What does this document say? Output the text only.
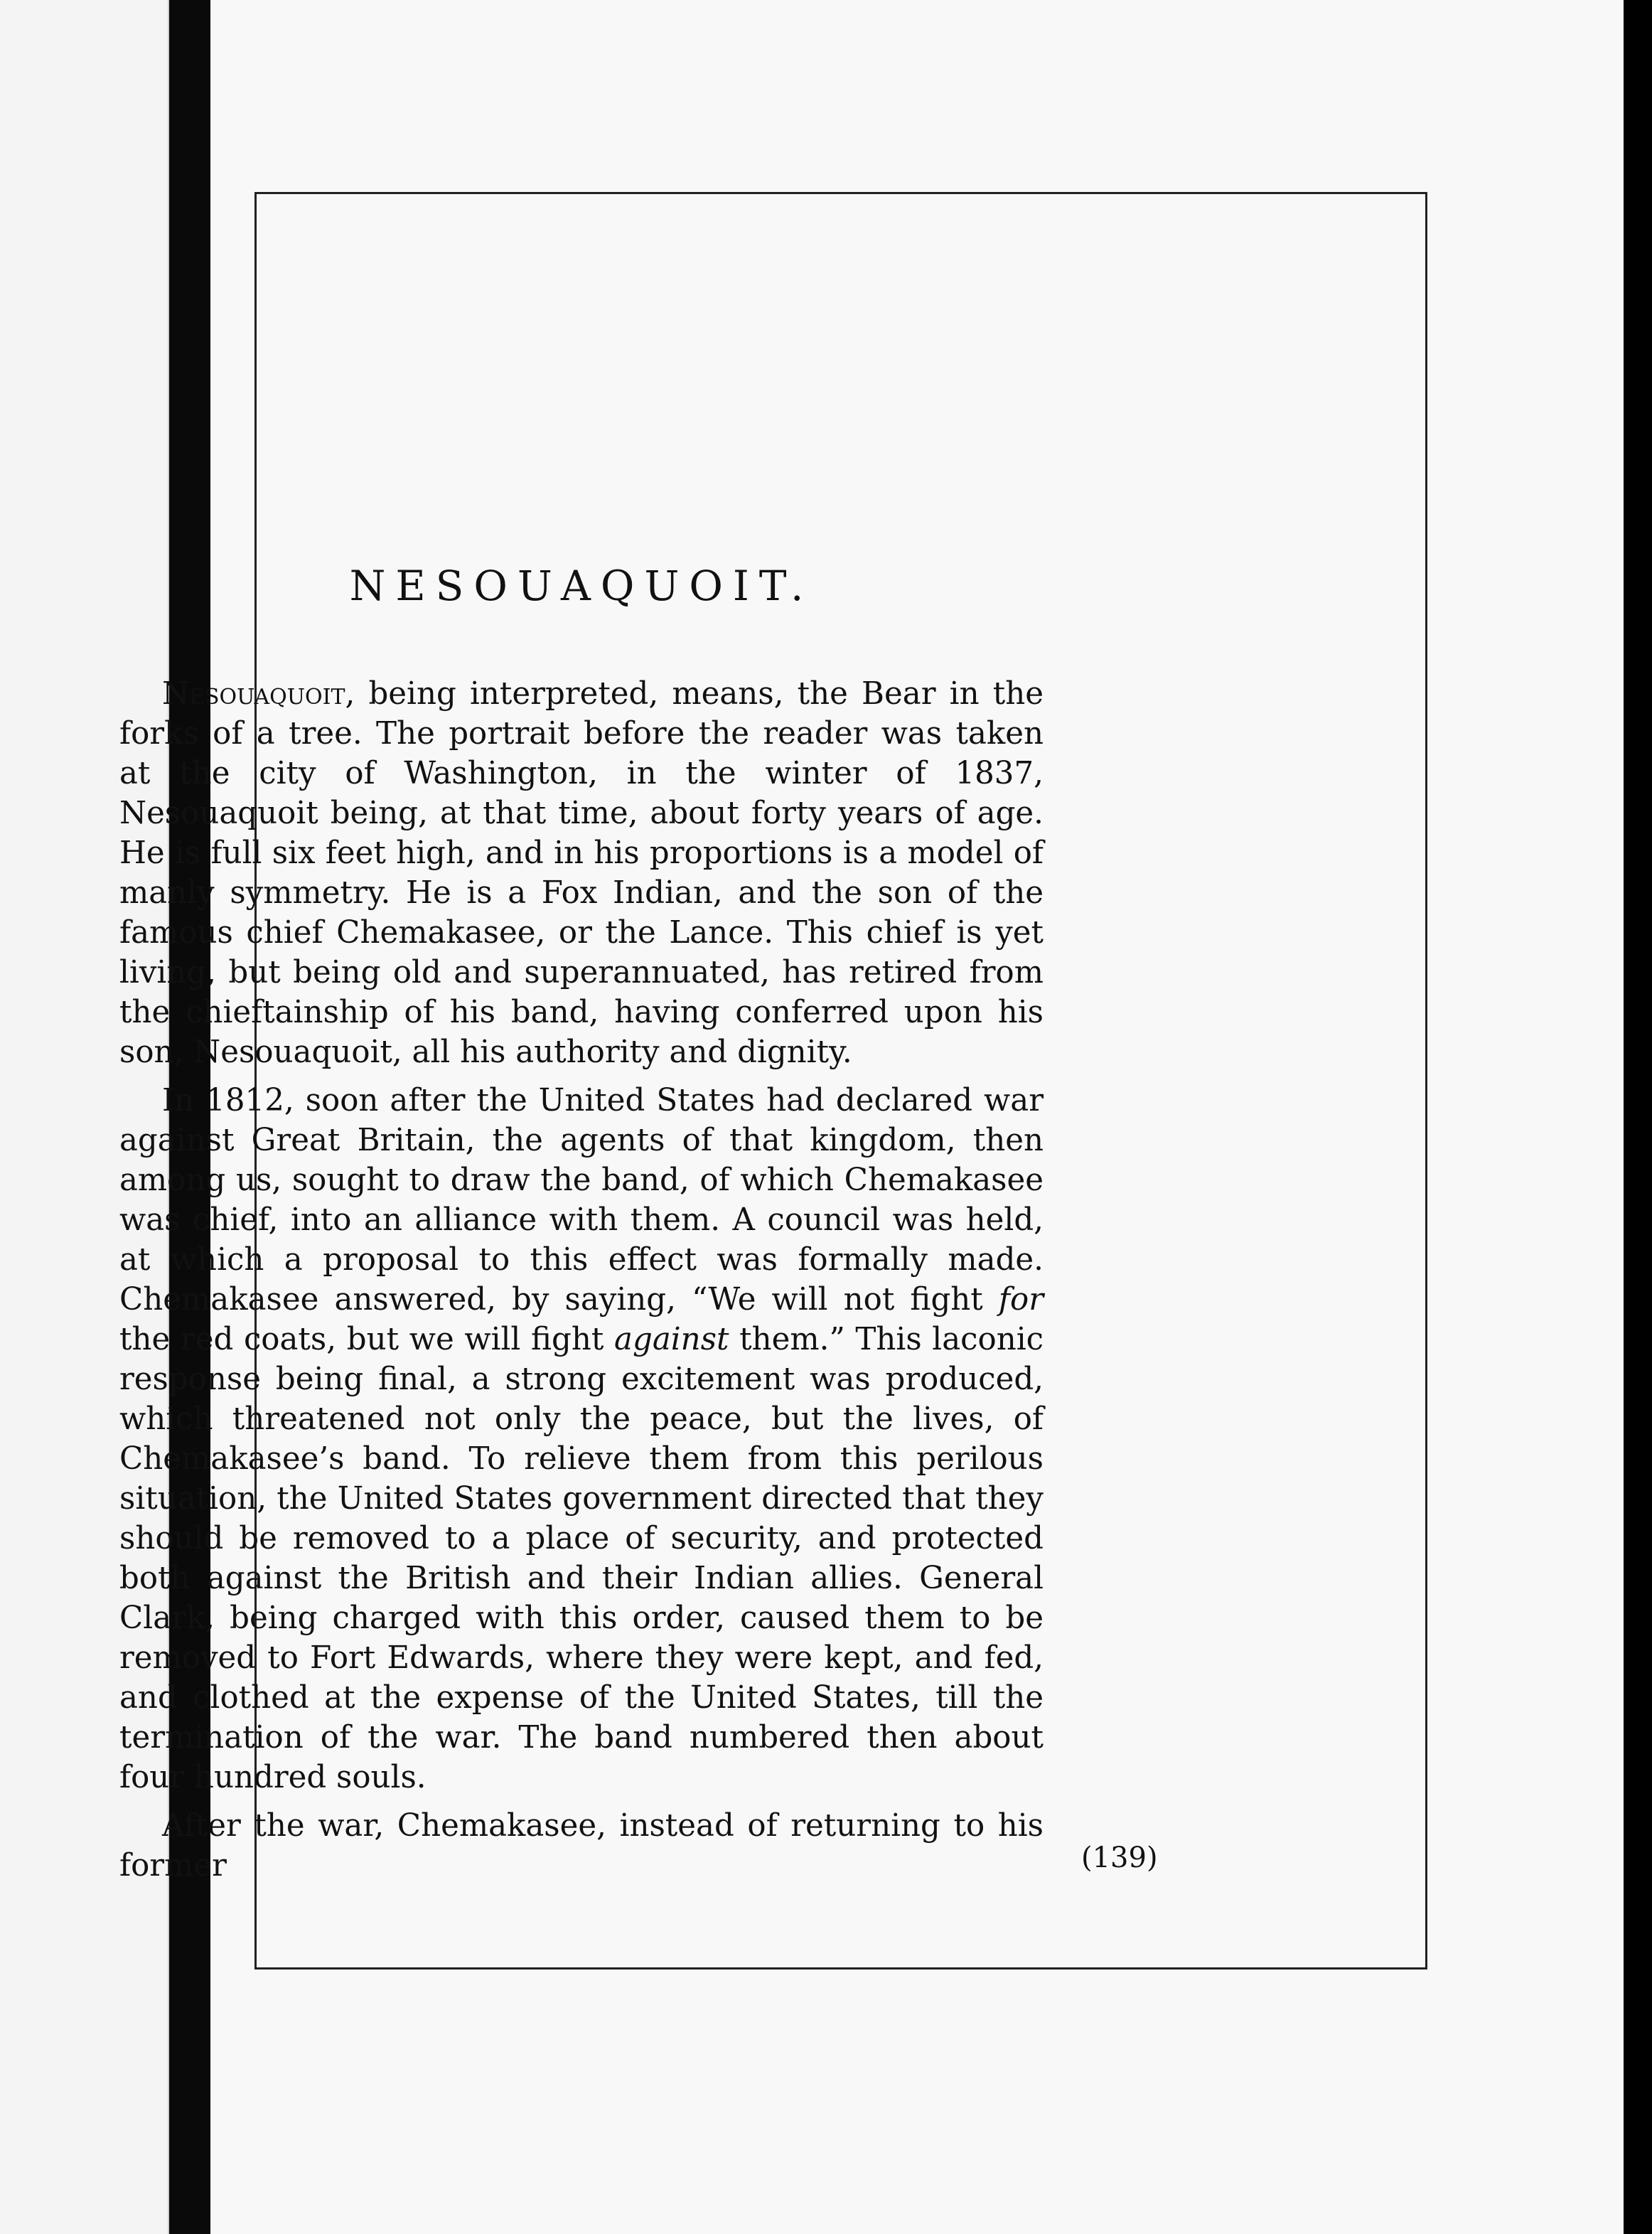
(139)
NESOUAQUOIT.

Nesouaquoit, being interpreted, means, the Bear in the forks of a tree. The portrait before the reader was taken at the city of Washington, in the winter of 1837, Nesouaquoit being, at that time, about forty years of age. He is full six feet high, and in his proportions is a model of manly symmetry. He is a Fox Indian, and the son of the famous chief Chemakasee, or the Lance. This chief is yet living, but being old and superannuated, has retired from the chieftainship of his band, having conferred upon his son, Nesouaquoit, all his authority and dignity.

In 1812, soon after the United States had declared war against Great Britain, the agents of that kingdom, then among us, sought to draw the band, of which Chemakasee was chief, into an alliance with them. A council was held, at which a proposal to this effect was formally made. Chemakasee answered, by saying, “We will not fight for the red coats, but we will fight against them.” This laconic response being final, a strong excitement was produced, which threatened not only the peace, but the lives, of Chemakasee’s band. To relieve them from this perilous situation, the United States government directed that they should be removed to a place of security, and protected both against the British and their Indian allies. General Clark, being charged with this order, caused them to be removed to Fort Edwards, where they were kept, and fed, and clothed at the expense of the United States, till the termination of the war. The band numbered then about four hundred souls.

After the war, Chemakasee, instead of returning to his former
